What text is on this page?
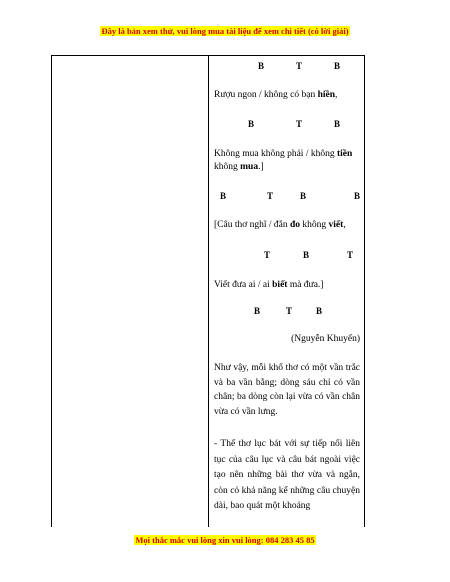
Đây là bản xem thử, vui lòng mua tài liệu để xem chi tiết (có lời giải)
B	T	B
Rượu ngon / không có bạn hiền,
B	T	B
Không mua không phải / không tiền
không mua.]
B	T	B	B
[Câu thơ nghĩ / đắn đo không viết,
T	B	T
Viết đưa ai / ai biết mà đưa.]
B	T	B
(Nguyễn Khuyến)
Như vậy, mỗi khổ thơ có một vần trắc và ba vần bằng; dòng sáu chỉ có vần chân; ba dòng còn lại vừa có vần chân vừa có vần lưng.
- Thể thơ lục bát với sự tiếp nối liên tục của câu lục và câu bát ngoài việc tạo nên những bài thơ vừa và ngắn, còn có khả năng kể những câu chuyện dài, bao quát một khoảng
Mọi thắc mắc vui lòng xin vui lòng: 084 283 45 85
